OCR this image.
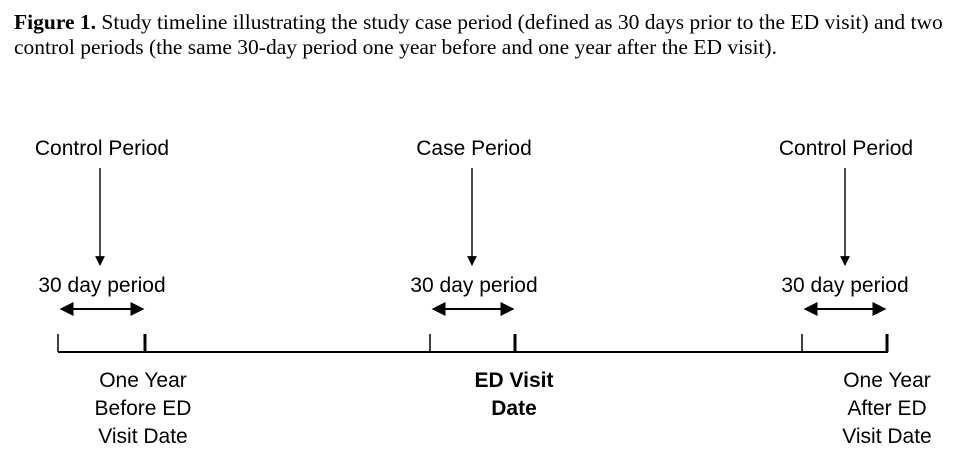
Figure 1. Study timeline illustrating the study case period (defined as 30 days prior to the ED visit) and two control periods (the same 30-day period one year before and one year after the ED visit).
Control Period
30 day period
One Year
Before ED
Visit Date
Case Period
30 day period
ED Visit
Date
Control Period
30 day period
One Year
After ED
Visit Date
